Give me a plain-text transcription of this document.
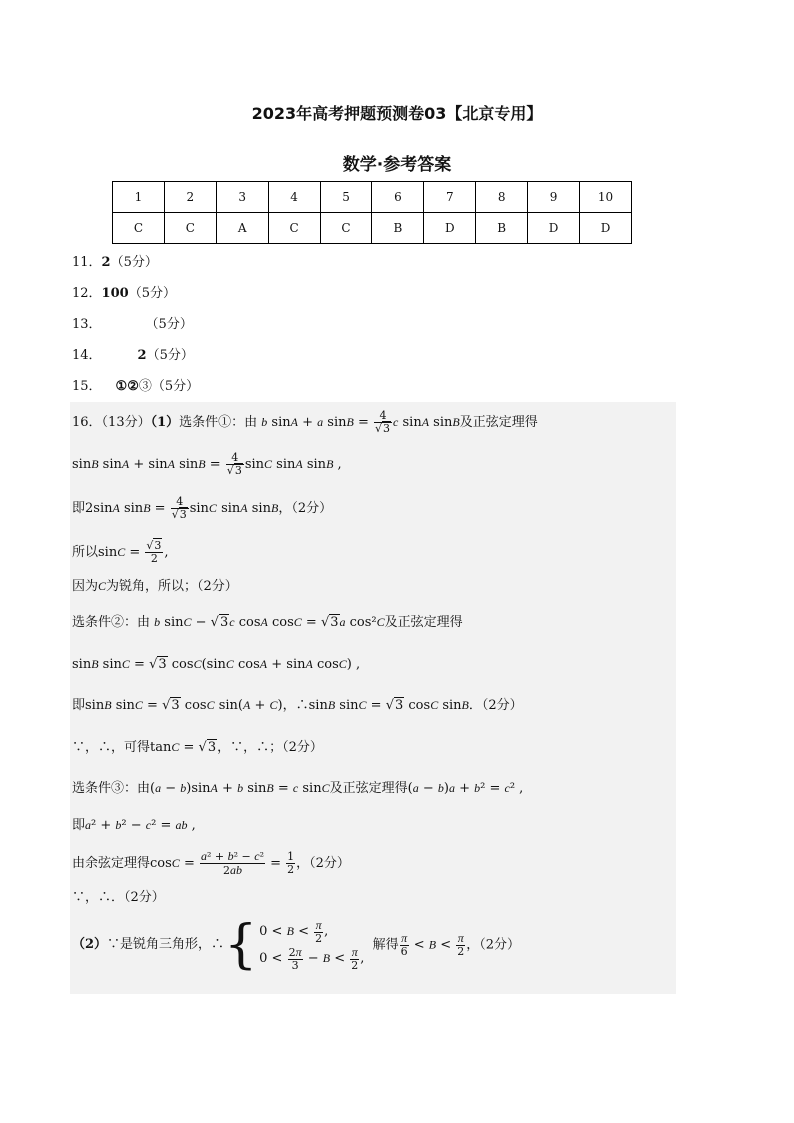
2023年高考押题预测卷03【北京专用】
数学·参考答案
1	2	3	4	5	6	7	8	9	10
C	C	A	C	C	B	D	B	D	D
11．2（5分）
12．100（5分）
13．	（5分）
14．	2（5分）
15． ①②③（5分）
16．（13分）（1）选条件①：由 b sinA + a $\sin B = \frac{4}{√3}$ c sinA sinB及正弦定理得
sinB sinA + sinA $\sin B = \frac{4}{√3}$ sinC sinA sinB ,
即2sinA $\sin B = \frac{4}{√3}$ sinC sinA sinB，（2分）
所以$\sin C = \frac{√3}{2}$ ,
因为C为锐角，所以；（2分）
选条件②：由 b sinC − √3c cosA cosC = √3a cos²C及正弦定理得
sinB sinC = √3 cosC(sinC cosA + sinA cosC) ,
即sinB sinC = √3 cosC sin(A + C)，∴sinB sinC = √3 cosC sinB．（2分）
∵，∴，可得tanC = √3，∵，∴；（2分）
选条件③：由(a − b)sinA + b sinB = c sinC及正弦定理得(a − b)a + b² = c² ,
即a² + b² − c² = ab ,
由余弦定理得$\cos C = \frac{\text{a² + b² − c²}}{2ab} = \frac{1}{2}$ ，（2分）
∵，∴．（2分）
（2）∵是锐角三角形，∴{ $0 < B < \frac{\pi}{2}$ ,
$0 < \frac{2\pi}{3} - B < \frac{\pi}{2}$ ,
解得 $\frac{\pi}{6} < B < \frac{\pi}{2}$ ，（2分）
